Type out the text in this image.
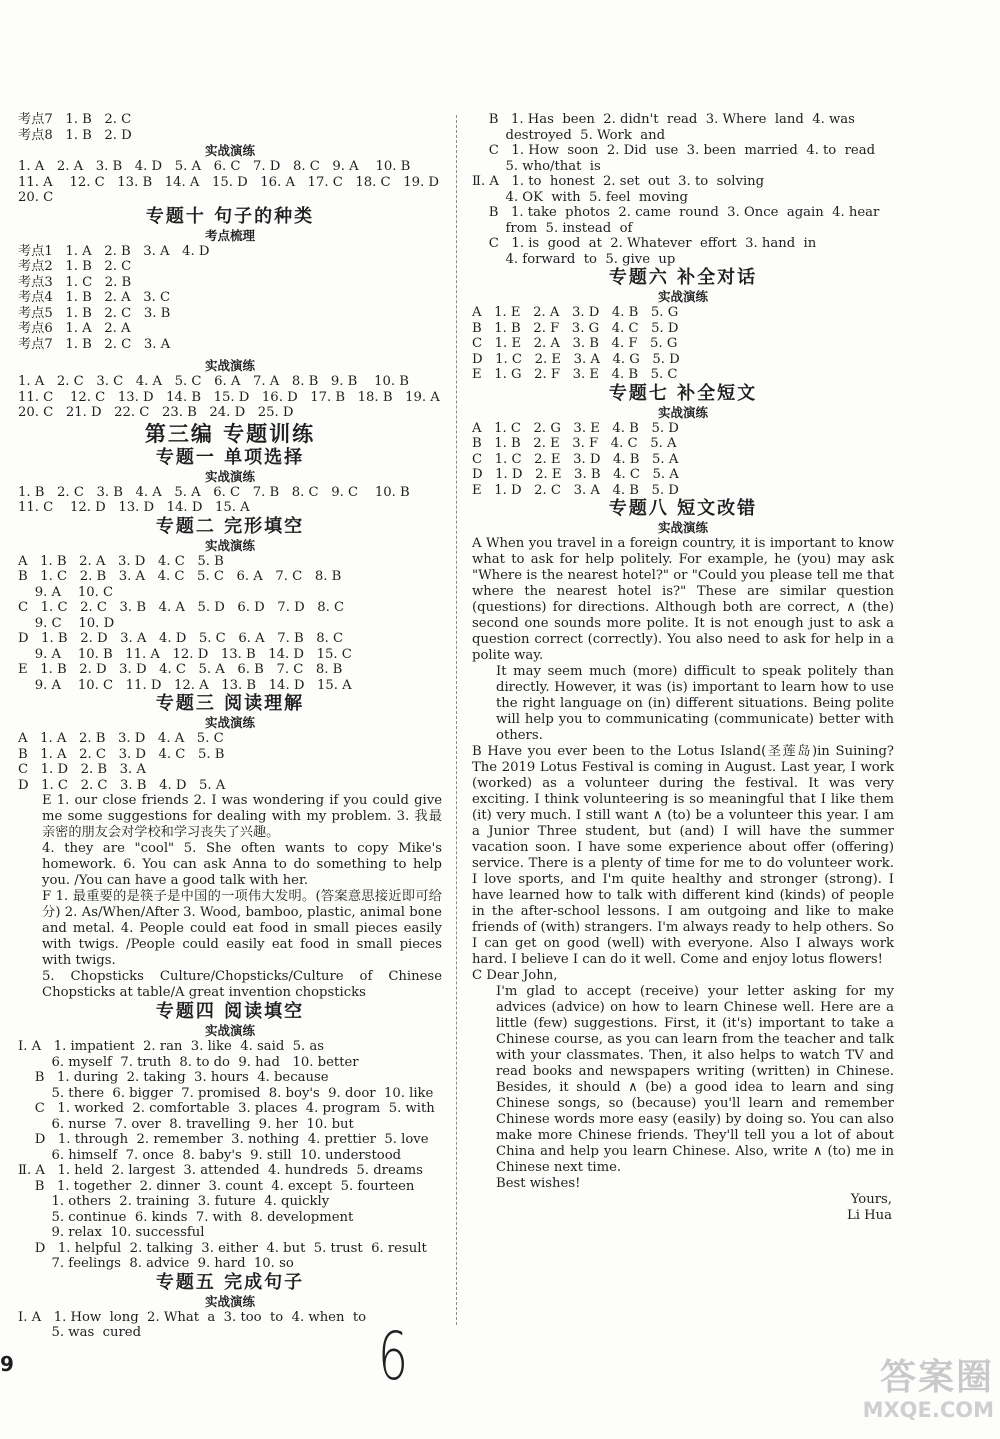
考点7   1. B   2. C
考点8   1. B   2. D
实战演练
1. A   2. A   3. B   4. D   5. A   6. C   7. D   8. C   9. A    10. B
11. A    12. C   13. B   14. A   15. D   16. A   17. C   18. C   19. D
20. C
专题十 句子的种类
考点梳理
考点1   1. A   2. B   3. A   4. D
考点2   1. B   2. C
考点3   1. C   2. B
考点4   1. B   2. A   3. C
考点5   1. B   2. C   3. B
考点6   1. A   2. A
考点7   1. B   2. C   3. A
实战演练
1. A   2. C   3. C   4. A   5. C   6. A   7. A   8. B   9. B    10. B
11. C    12. C   13. D   14. B   15. D   16. D   17. B   18. B   19. A
20. C   21. D   22. C   23. B   24. D   25. D
第三编 专题训练
专题一 单项选择
实战演练
1. B   2. C   3. B   4. A   5. A   6. C   7. B   8. C   9. C    10. B
11. C    12. D   13. D   14. D   15. A
专题二 完形填空
实战演练
A   1. B   2. A   3. D   4. C   5. B
B   1. C   2. B   3. A   4. C   5. C   6. A   7. C   8. B
9. A    10. C
C   1. C   2. C   3. B   4. A   5. D   6. D   7. D   8. C
9. C    10. D
D   1. B   2. D   3. A   4. D   5. C   6. A   7. B   8. C
9. A    10. B   11. A   12. D   13. B   14. D   15. C
E   1. B   2. D   3. D   4. C   5. A   6. B   7. C   8. B
9. A    10. C   11. D   12. A   13. B   14. D   15. A
专题三 阅读理解
实战演练
A   1. A   2. B   3. D   4. A   5. C
B   1. A   2. C   3. D   4. C   5. B
C   1. D   2. B   3. A
D   1. C   2. C   3. B   4. D   5. A
E 1. our close friends 2. I was wondering if you could give me some suggestions for dealing with my problem. 3. 我最亲密的朋友会对学校和学习丧失了兴趣。
4. they are "cool" 5. She often wants to copy Mike's homework. 6. You can ask Anna to do something to help you. /You can have a good talk with her.
F 1. 最重要的是筷子是中国的一项伟大发明。(答案意思接近即可给分) 2. As/When/After 3. Wood, bamboo, plastic, animal bone and metal. 4. People could eat food in small pieces easily with twigs. /People could easily eat food in small pieces with twigs.
5. Chopsticks Culture/Chopsticks/Culture of Chinese Chopsticks at table/A great invention chopsticks
专题四 阅读填空
实战演练
Ⅰ. A   1. impatient  2. ran  3. like  4. said  5. as
6. myself  7. truth  8. to do  9. had   10. better
B   1. during  2. taking  3. hours  4. because
5. there  6. bigger  7. promised  8. boy's  9. door  10. like
C   1. worked  2. comfortable  3. places  4. program  5. with
6. nurse  7. over  8. travelling  9. her  10. but
D   1. through  2. remember  3. nothing  4. prettier  5. love
6. himself  7. once  8. baby's  9. still  10. understood
Ⅱ. A   1. held  2. largest  3. attended  4. hundreds  5. dreams
B   1. together  2. dinner  3. count  4. except  5. fourteen
1. others  2. training  3. future  4. quickly
5. continue  6. kinds  7. with  8. development
9. relax  10. successful
D   1. helpful  2. talking  3. either  4. but  5. trust  6. result
7. feelings  8. advice  9. hard  10. so
专题五 完成句子
实战演练
Ⅰ. A   1. How  long  2. What  a  3. too  to  4. when  to
5. was  cured
B   1. Has  been  2. didn't  read  3. Where  land  4. was
destroyed  5. Work  and
C   1. How  soon  2. Did  use  3. been  married  4. to  read
5. who/that  is
Ⅱ. A   1. to  honest  2. set  out  3. to  solving
4. OK  with  5. feel  moving
B   1. take  photos  2. came  round  3. Once  again  4. hear
from  5. instead  of
C   1. is  good  at  2. Whatever  effort  3. hand  in
4. forward  to  5. give  up
专题六 补全对话
实战演练
A   1. E   2. A   3. D   4. B   5. G
B   1. B   2. F   3. G   4. C   5. D
C   1. E   2. A   3. B   4. F   5. G
D   1. C   2. E   3. A   4. G   5. D
E   1. G   2. F   3. E   4. B   5. C
专题七 补全短文
实战演练
A   1. C   2. G   3. E   4. B   5. D
B   1. B   2. E   3. F   4. C   5. A
C   1. C   2. E   3. D   4. B   5. A
D   1. D   2. E   3. B   4. C   5. A
E   1. D   2. C   3. A   4. B   5. D
专题八 短文改错
实战演练
A When you travel in a foreign country, it is important to know what to ask for help politely. For example, he (you) may ask "Where is the nearest hotel?" or "Could you please tell me that where the nearest hotel is?" These are similar question (questions) for directions. Although both are correct, ∧ (the) second one sounds more polite. It is not enough just to ask a question correct (correctly). You also need to ask for help in a polite way.
It may seem much (more) difficult to speak politely than directly. However, it was (is) important to learn how to use the right language on (in) different situations. Being polite will help you to communicating (communicate) better with others.
B Have you ever been to the Lotus Island(圣莲岛)in Suining? The 2019 Lotus Festival is coming in August. Last year, I work (worked) as a volunteer during the festival. It was very exciting. I think volunteering is so meaningful that I like them (it) very much. I still want ∧ (to) be a volunteer this year. I am a Junior Three student, but (and) I will have the summer vacation soon. I have some experience about offer (offering) service. There is a plenty of time for me to do volunteer work. I love sports, and I'm quite healthy and stronger (strong). I have learned how to talk with different kind (kinds) of people in the after-school lessons. I am outgoing and like to make friends of (with) strangers. I'm always ready to help others. So I can get on good (well) with everyone. Also I always work hard. I believe I can do it well. Come and enjoy lotus flowers!
C Dear John,
I'm glad to accept (receive) your letter asking for my advices (advice) on how to learn Chinese well. Here are a little (few) suggestions. First, it (it's) important to take a Chinese course, as you can learn from the teacher and talk with your classmates. Then, it also helps to watch TV and read books and newspapers writing (written) in Chinese. Besides, it should ∧ (be) a good idea to learn and sing Chinese songs, so (because) you'll learn and remember Chinese words more easy (easily) by doing so. You can also make more Chinese friends. They'll tell you a lot of about China and help you learn Chinese. Also, write ∧ (to) me in Chinese next time.
Best wishes!
Yours,
Li Hua
9	6	答案圈
MXQE.COM
